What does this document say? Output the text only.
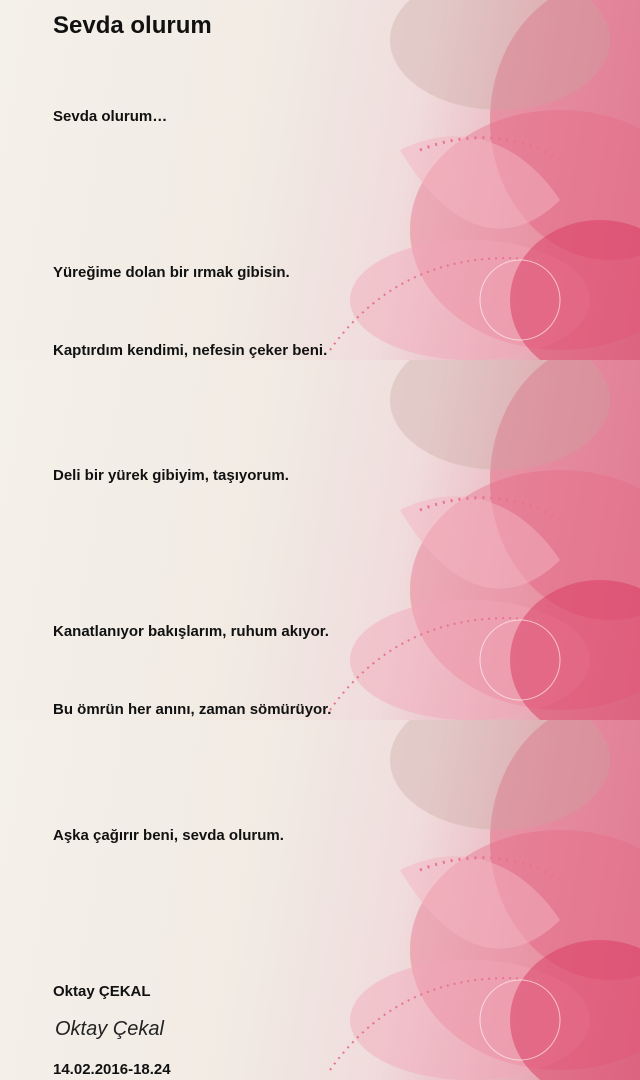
Sevda olurum

Sevda olurum…

Yüreğime dolan bir ırmak gibisin.

Kaptırdım kendimi, nefesin çeker beni.

Deli bir yürek gibiyim, taşıyorum.

Kanatlanıyor bakışlarım, ruhum akıyor.

Bu ömrün her anını, zaman sömürüyor.

Aşka çağırır beni, sevda olurum.

Oktay ÇEKAL

14.02.2016-18.24

Oktay Çekal
